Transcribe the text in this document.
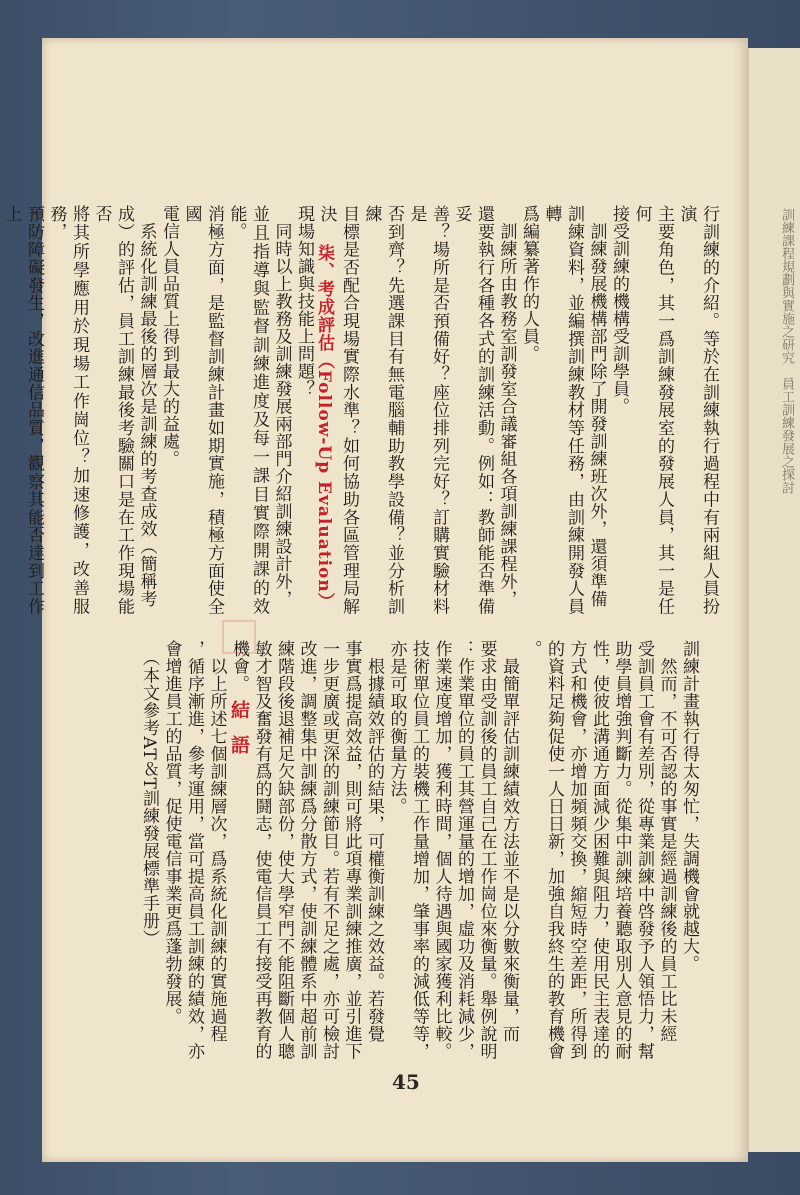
訓練課程規劃與實施之研究　員工訓練發展之探討
行訓練的介紹。等於在訓練執行過程中有兩組人員扮演
主要角色，其一爲訓練發展室的發展人員，其一是任何
接受訓練的機構受訓學員。
　訓練發展機構部門除了開發訓練班次外，還須準備
訓練資料，並編撰訓練教材等任務，由訓練開發人員轉
爲編纂著作的人員。
　訓練所由教務室訓發室合議審組各項訓練課程外，
還要執行各種各式的訓練活動。例如：教師能否準備妥
善？場所是否預備好？座位排列完好？訂購實驗材料是
否到齊？先選課目有無電腦輔助教學設備？並分析訓練
目標是否配合現場實際水準？如何協助各區管理局解決
現場知識與技能上問題？
　同時以上教務及訓練發展兩部門介紹訓練設計外，
並且指導與監督訓練進度及每一課目實際開課的效能。
消極方面，是監督訓練計畫如期實施，積極方面使全國
電信人員品質上得到最大的益處。
　系統化訓練最後的層次是訓練的考查成效（簡稱考
成）的評估，員工訓練最後考驗關口是在工作現場能否
將其所學應用於現場工作崗位？加速修護，改善服務，
預防障礙發生，改進通信品質，觀察其能否達到工作上
柒、考成評估（Follow-Up Evaluation）
訓練計畫執行得太匆忙，失調機會就越大。
　然而，不可否認的事實是經過訓練後的員工比未經
受訓員工會有差別，從專業訓練中啓發予人領悟力，幫
助學員增強判斷力。從集中訓練培養聽取別人意見的耐
性，使彼此溝通方面減少困難與阻力，使用民主表達的
方式和機會，亦增加頻頻交換，縮短時空差距，所得到
的資料足夠促使一人日日新，加強自我終生的教育機會
。
　最簡單評估訓練績效方法並不是以分數來衡量，而
要求由受訓後的員工自己在工作崗位來衡量。舉例說明
：作業單位的員工其營運量的增加，虛功及消耗減少，
作業速度增加，獲利時間，個人待遇與國家獲利比較。
技術單位員工的裝機工作量增加，肇事率的減低等等，
亦是可取的衡量方法。
　根據績效評估的結果，可權衡訓練之效益。若發覺
事實爲提高效益，則可將此項專業訓練推廣，並引進下
一步更廣或更深的訓練節目。若有不足之處，亦可檢討
改進，調整集中訓練爲分散方式，使訓練體系中超前訓
練階段後退補足欠缺部份，使大學窄門不能阻斷個人聰
敏才智及奮發有爲的鬪志，使電信員工有接受再教育的
機會。
　以上所述七個訓練層次，爲系統化訓練的實施過程
，循序漸進，參考運用，當可提高員工訓練的績效，亦
會增進員工的品質，促使電信事業更爲蓬勃發展。
　（本文參考AT＆T訓練發展標準手册）	結語
45
